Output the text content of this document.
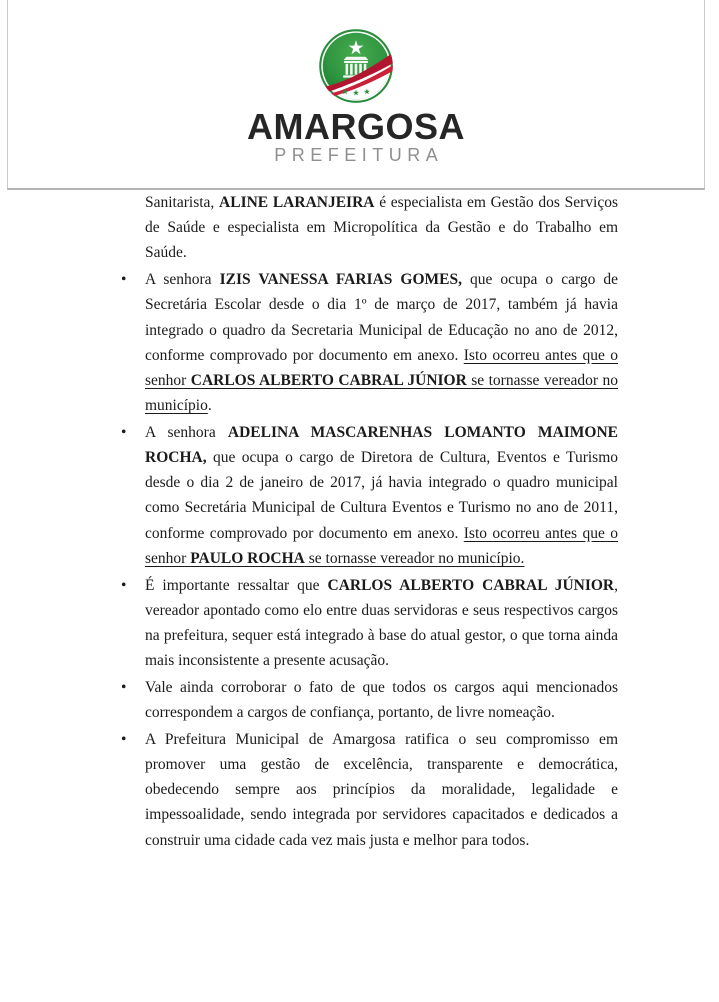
AMARGOSA
PREFEITURA

Sanitarista, ALINE LARANJEIRA é especialista em Gestão dos Serviços de Saúde e especialista em Micropolítica da Gestão e do Trabalho em Saúde.

• A senhora IZIS VANESSA FARIAS GOMES, que ocupa o cargo de Secretária Escolar desde o dia 1º de março de 2017, também já havia integrado o quadro da Secretaria Municipal de Educação no ano de 2012, conforme comprovado por documento em anexo. Isto ocorreu antes que o senhor CARLOS ALBERTO CABRAL JÚNIOR se tornasse vereador no município.

• A senhora ADELINA MASCARENHAS LOMANTO MAIMONE ROCHA, que ocupa o cargo de Diretora de Cultura, Eventos e Turismo desde o dia 2 de janeiro de 2017, já havia integrado o quadro municipal como Secretária Municipal de Cultura Eventos e Turismo no ano de 2011, conforme comprovado por documento em anexo. Isto ocorreu antes que o senhor PAULO ROCHA se tornasse vereador no município.

• É importante ressaltar que CARLOS ALBERTO CABRAL JÚNIOR, vereador apontado como elo entre duas servidoras e seus respectivos cargos na prefeitura, sequer está integrado à base do atual gestor, o que torna ainda mais inconsistente a presente acusação.

• Vale ainda corroborar o fato de que todos os cargos aqui mencionados correspondem a cargos de confiança, portanto, de livre nomeação.

• A Prefeitura Municipal de Amargosa ratifica o seu compromisso em promover uma gestão de excelência, transparente e democrática, obedecendo sempre aos princípios da moralidade, legalidade e impessoalidade, sendo integrada por servidores capacitados e dedicados a construir uma cidade cada vez mais justa e melhor para todos.
